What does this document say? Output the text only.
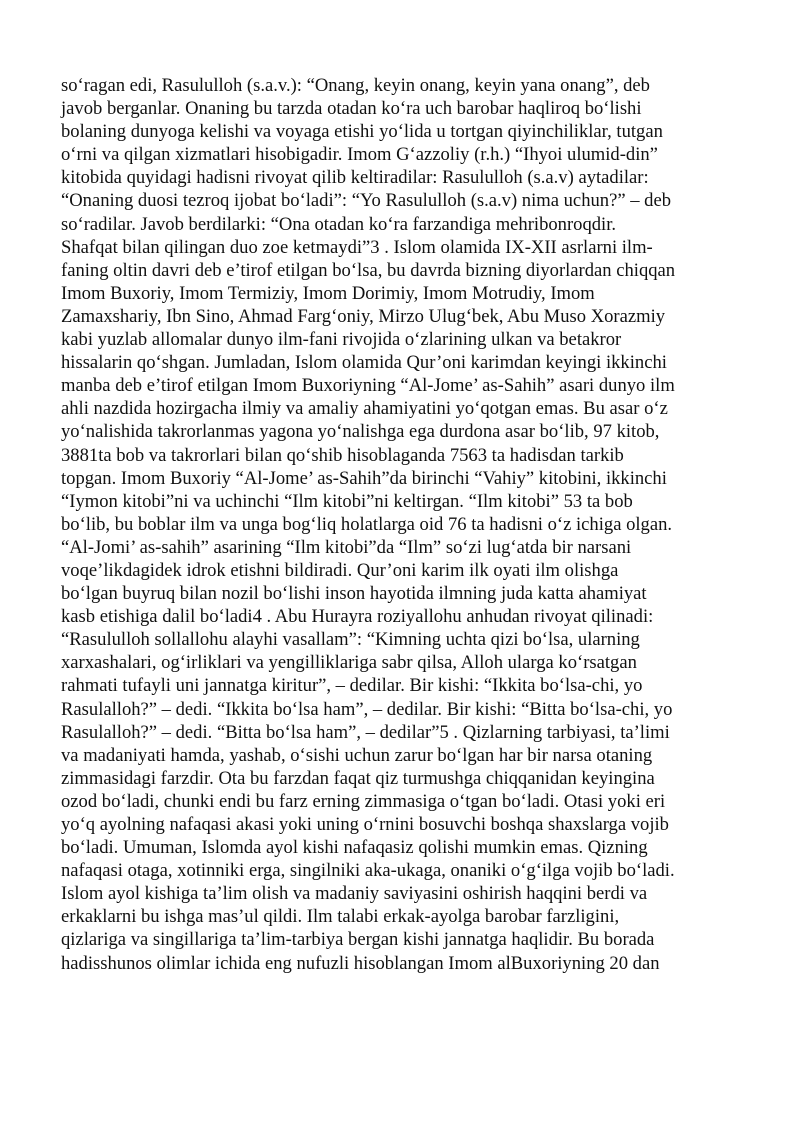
so‘ragan edi, Rasululloh (s.a.v.): “Onang, keyin onang, keyin yana onang”, deb
javob berganlar. Onaning bu tarzda otadan ko‘ra uch barobar haqliroq bo‘lishi
bolaning dunyoga kelishi va voyaga etishi yo‘lida u tortgan qiyinchiliklar, tutgan
o‘rni va qilgan xizmatlari hisobigadir. Imom G‘azzoliy (r.h.) “Ihyoi ulumid-din”
kitobida quyidagi hadisni rivoyat qilib keltiradilar: Rasululloh (s.a.v) aytadilar:
“Onaning duosi tezroq ijobat bo‘ladi”: “Yo Rasululloh (s.a.v) nima uchun?” – deb
so‘radilar. Javob berdilarki: “Ona otadan ko‘ra farzandiga mehribonroqdir.
Shafqat bilan qilingan duo zoe ketmaydi”3 . Islom olamida IX-XII asrlarni ilm-
faning oltin davri deb e’tirof etilgan bo‘lsa, bu davrda bizning diyorlardan chiqqan
Imom Buxoriy, Imom Termiziy, Imom Dorimiy, Imom Motrudiy, Imom
Zamaxshariy, Ibn Sino, Ahmad Farg‘oniy, Mirzo Ulug‘bek, Abu Muso Xorazmiy
kabi yuzlab allomalar dunyo ilm-fani rivojida o‘zlarining ulkan va betakror
hissalarin qo‘shgan. Jumladan, Islom olamida Qur’oni karimdan keyingi ikkinchi
manba deb e’tirof etilgan Imom Buxoriyning “Al-Jome’ as-Sahih” asari dunyo ilm
ahli nazdida hozirgacha ilmiy va amaliy ahamiyatini yo‘qotgan emas. Bu asar o‘z
yo‘nalishida takrorlanmas yagona yo‘nalishga ega durdona asar bo‘lib, 97 kitob,
3881ta bob va takrorlari bilan qo‘shib hisoblaganda 7563 ta hadisdan tarkib
topgan. Imom Buxoriy “Al-Jome’ as-Sahih”da birinchi “Vahiy” kitobini, ikkinchi
“Iymon kitobi”ni va uchinchi “Ilm kitobi”ni keltirgan. “Ilm kitobi” 53 ta bob
bo‘lib, bu boblar ilm va unga bog‘liq holatlarga oid 76 ta hadisni o‘z ichiga olgan.
“Al-Jomi’ as-sahih” asarining “Ilm kitobi”da “Ilm” so‘zi lug‘atda bir narsani
voqe’likdagidek idrok etishni bildiradi. Qur’oni karim ilk oyati ilm olishga
bo‘lgan buyruq bilan nozil bo‘lishi inson hayotida ilmning juda katta ahamiyat
kasb etishiga dalil bo‘ladi4 . Abu Hurayra roziyallohu anhudan rivoyat qilinadi:
“Rasululloh sollallohu alayhi vasallam”: “Kimning uchta qizi bo‘lsa, ularning
xarxashalari, og‘irliklari va yengilliklariga sabr qilsa, Alloh ularga ko‘rsatgan
rahmati tufayli uni jannatga kiritur”, – dedilar. Bir kishi: “Ikkita bo‘lsa-chi, yo
Rasulalloh?” – dedi. “Ikkita bo‘lsa ham”, – dedilar. Bir kishi: “Bitta bo‘lsa-chi, yo
Rasulalloh?” – dedi. “Bitta bo‘lsa ham”, – dedilar”5 . Qizlarning tarbiyasi, ta’limi
va madaniyati hamda, yashab, o‘sishi uchun zarur bo‘lgan har bir narsa otaning
zimmasidagi farzdir. Ota bu farzdan faqat qiz turmushga chiqqanidan keyingina
ozod bo‘ladi, chunki endi bu farz erning zimmasiga o‘tgan bo‘ladi. Otasi yoki eri
yo‘q ayolning nafaqasi akasi yoki uning o‘rnini bosuvchi boshqa shaxslarga vojib
bo‘ladi. Umuman, Islomda ayol kishi nafaqasiz qolishi mumkin emas. Qizning
nafaqasi otaga, xotinniki erga, singilniki aka-ukaga, onaniki o‘g‘ilga vojib bo‘ladi.
Islom ayol kishiga ta’lim olish va madaniy saviyasini oshirish haqqini berdi va
erkaklarni bu ishga mas’ul qildi. Ilm talabi erkak-ayolga barobar farzligini,
qizlariga va singillariga ta’lim-tarbiya bergan kishi jannatga haqlidir. Bu borada
hadisshunos olimlar ichida eng nufuzli hisoblangan Imom alBuxoriyning 20 dan
